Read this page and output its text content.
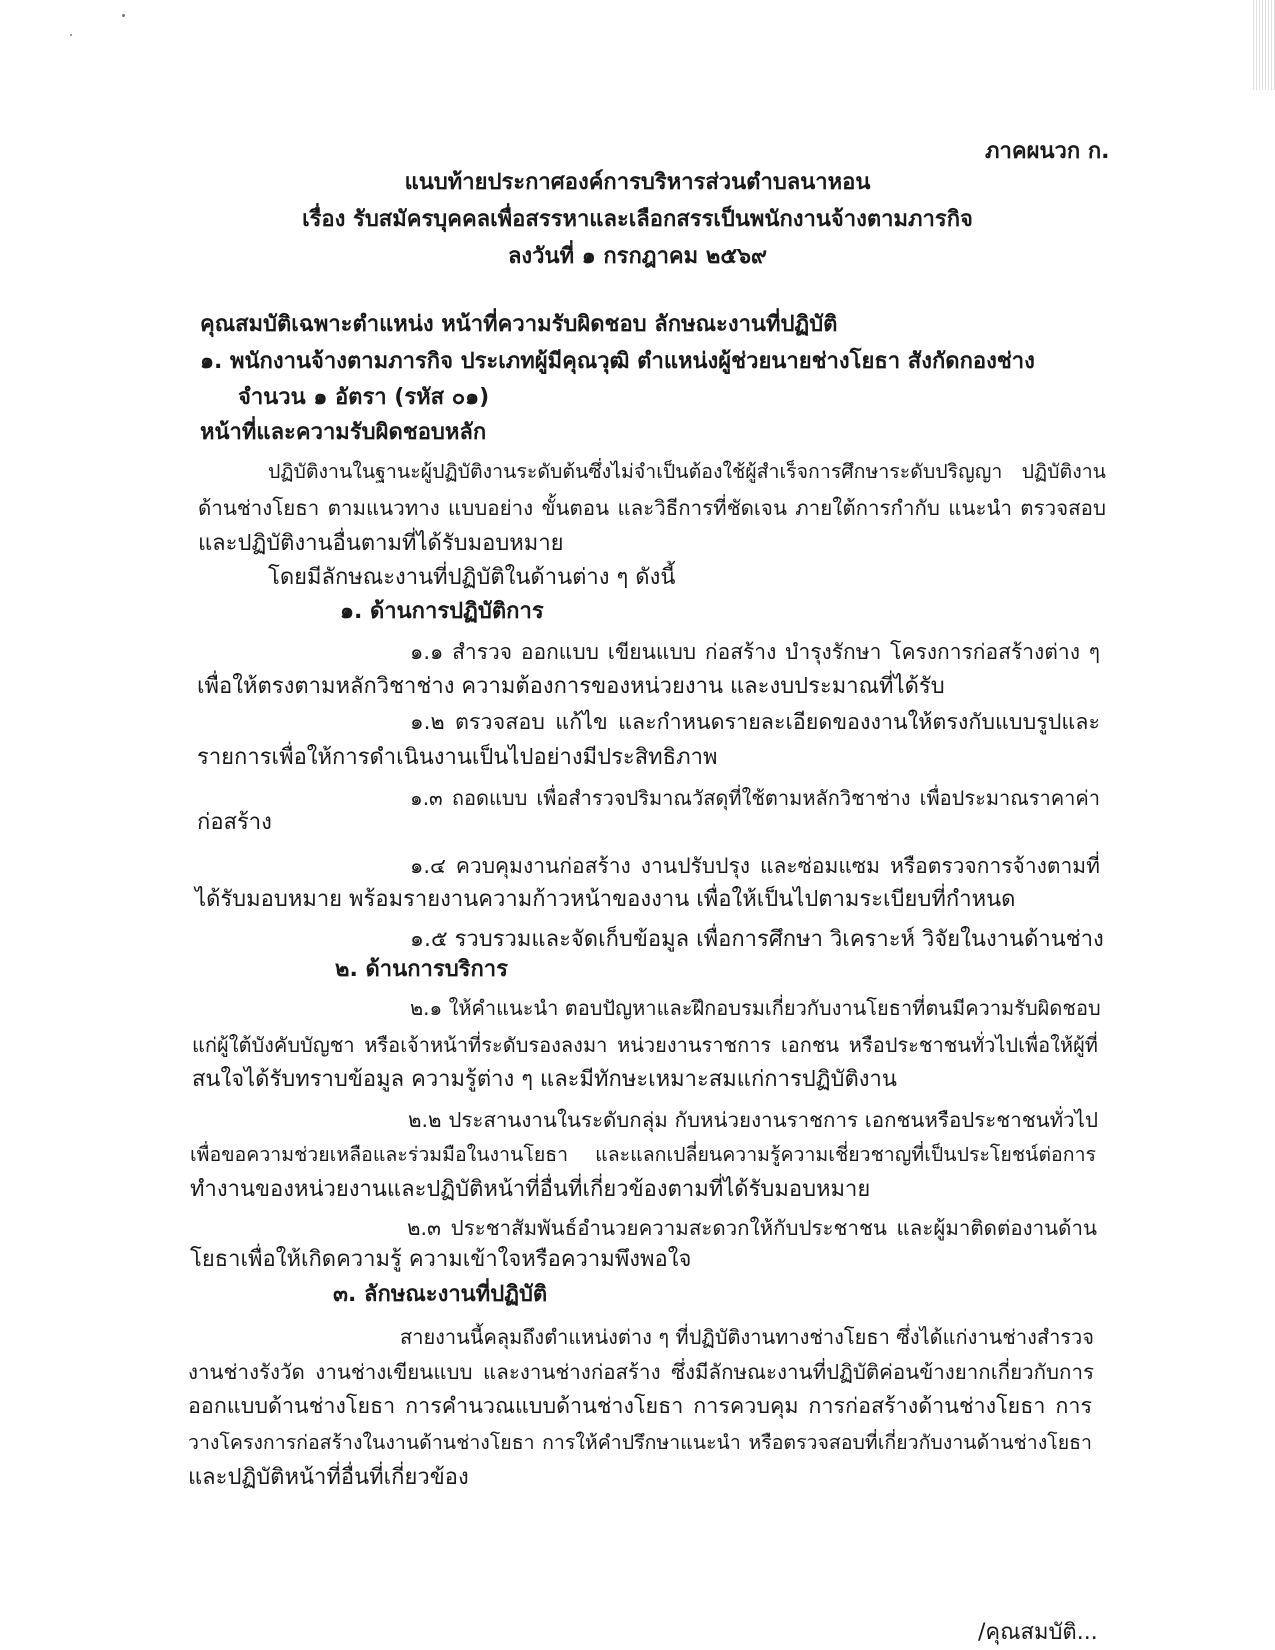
ภาคผนวก ก.

แนบท้ายประกาศองค์การบริหารส่วนตำบลนาหอน

เรื่อง รับสมัครบุคคลเพื่อสรรหาและเลือกสรรเป็นพนักงานจ้างตามภารกิจ

ลงวันที่ ๑ กรกฎาคม ๒๕๖๙

คุณสมบัติเฉพาะตำแหน่ง หน้าที่ความรับผิดชอบ ลักษณะงานที่ปฏิบัติ

๑. พนักงานจ้างตามภารกิจ ประเภทผู้มีคุณวุฒิ ตำแหน่งผู้ช่วยนายช่างโยธา สังกัดกองช่าง

จำนวน ๑ อัตรา (รหัส ๐๑)

หน้าที่และความรับผิดชอบหลัก

ปฏิบัติงานในฐานะผู้ปฏิบัติงานระดับต้นซึ่งไม่จำเป็นต้องใช้ผู้สำเร็จการศึกษาระดับปริญญา ปฏิบัติงาน

ด้านช่างโยธา ตามแนวทาง แบบอย่าง ขั้นตอน และวิธีการที่ชัดเจน ภายใต้การกำกับ แนะนำ ตรวจสอบ

และปฏิบัติงานอื่นตามที่ได้รับมอบหมาย

โดยมีลักษณะงานที่ปฏิบัติในด้านต่าง ๆ ดังนี้

๑. ด้านการปฏิบัติการ

๑.๑ สำรวจ ออกแบบ เขียนแบบ ก่อสร้าง บำรุงรักษา โครงการก่อสร้างต่าง ๆ

เพื่อให้ตรงตามหลักวิชาช่าง ความต้องการของหน่วยงาน และงบประมาณที่ได้รับ

๑.๒ ตรวจสอบ แก้ไข และกำหนดรายละเอียดของงานให้ตรงกับแบบรูปและ

รายการเพื่อให้การดำเนินงานเป็นไปอย่างมีประสิทธิภาพ

๑.๓ ถอดแบบ เพื่อสำรวจปริมาณวัสดุที่ใช้ตามหลักวิชาช่าง เพื่อประมาณราคาค่า

ก่อสร้าง

๑.๔ ควบคุมงานก่อสร้าง งานปรับปรุง และซ่อมแซม หรือตรวจการจ้างตามที่

ได้รับมอบหมาย พร้อมรายงานความก้าวหน้าของงาน เพื่อให้เป็นไปตามระเบียบที่กำหนด

๑.๕ รวบรวมและจัดเก็บข้อมูล เพื่อการศึกษา วิเคราะห์ วิจัยในงานด้านช่าง

๒. ด้านการบริการ

๒.๑ ให้คำแนะนำ ตอบปัญหาและฝึกอบรมเกี่ยวกับงานโยธาที่ตนมีความรับผิดชอบ

แก่ผู้ใต้บังคับบัญชา หรือเจ้าหน้าที่ระดับรองลงมา หน่วยงานราชการ เอกชน หรือประชาชนทั่วไปเพื่อให้ผู้ที่

สนใจได้รับทราบข้อมูล ความรู้ต่าง ๆ และมีทักษะเหมาะสมแก่การปฏิบัติงาน

๒.๒ ประสานงานในระดับกลุ่ม กับหน่วยงานราชการ เอกชนหรือประชาชนทั่วไป

เพื่อขอความช่วยเหลือและร่วมมือในงานโยธา และแลกเปลี่ยนความรู้ความเชี่ยวชาญที่เป็นประโยชน์ต่อการ

ทำงานของหน่วยงานและปฏิบัติหน้าที่อื่นที่เกี่ยวข้องตามที่ได้รับมอบหมาย

๒.๓ ประชาสัมพันธ์อำนวยความสะดวกให้กับประชาชน และผู้มาติดต่องานด้าน

โยธาเพื่อให้เกิดความรู้ ความเข้าใจหรือความพึงพอใจ

๓. ลักษณะงานที่ปฏิบัติ

สายงานนี้คลุมถึงตำแหน่งต่าง ๆ ที่ปฏิบัติงานทางช่างโยธา ซึ่งได้แก่งานช่างสำรวจ

งานช่างรังวัด งานช่างเขียนแบบ และงานช่างก่อสร้าง ซึ่งมีลักษณะงานที่ปฏิบัติค่อนข้างยากเกี่ยวกับการ

ออกแบบด้านช่างโยธา การคำนวณแบบด้านช่างโยธา การควบคุม การก่อสร้างด้านช่างโยธา การ

วางโครงการก่อสร้างในงานด้านช่างโยธา การให้คำปรึกษาแนะนำ หรือตรวจสอบที่เกี่ยวกับงานด้านช่างโยธา

และปฏิบัติหน้าที่อื่นที่เกี่ยวข้อง

/คุณสมบัติ...
